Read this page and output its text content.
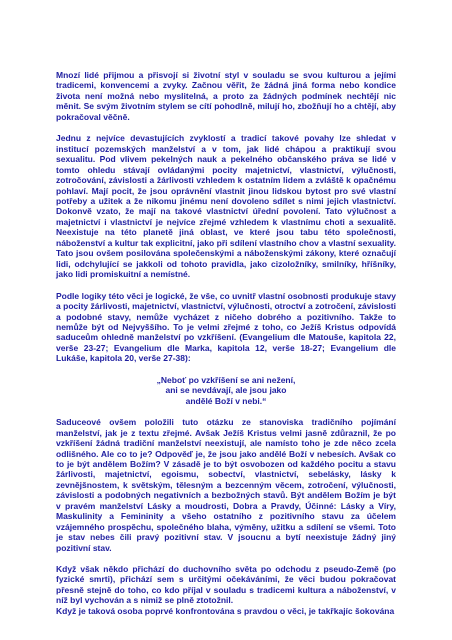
Mnozí lidé přijmou a přisvojí si životní styl v souladu se svou kulturou a jejími tradicemi, konvencemi a zvyky. Začnou věřit, že žádná jiná forma nebo kondice života není možná nebo myslitelná, a proto za žádných podmínek nechtějí nic měnit. Se svým životním stylem se cítí pohodlně, milují ho, zbožňují ho a chtějí, aby pokračoval věčně.

Jednu z nejvíce devastujících zvyklostí a tradicí takové povahy lze shledat v institucí pozemských manželství a v tom, jak lidé chápou a praktikují svou sexualitu. Pod vlivem pekelných nauk a pekelného občanského práva se lidé v tomto ohledu stávají ovládanými pocity majetnictví, vlastnictví, výlučnosti, zotročování, závislosti a žárlivosti vzhledem k ostatním lidem a zvláště k opačnému pohlaví. Mají pocit, že jsou oprávnění vlastnit jinou lidskou bytost pro své vlastní potřeby a užitek a že nikomu jinému není dovoleno sdílet s nimi jejich vlastnictví. Dokonvě vzato, že mají na takové vlastnictví úřední povolení. Tato výlučnost a majetnictví i vlastnictví je nejvíce zřejmé vzhledem k vlastnímu choti a sexualitě. Neexistuje na této planetě jiná oblast, ve které jsou tabu této společnosti, náboženství a kultur tak explicitní, jako při sdílení vlastního chov a vlastní sexuality. Tato jsou ovšem posilována společenskými a náboženskými zákony, které označují lidi, odchylující se jakkoli od tohoto pravidla, jako cizoložníky, smilníky, hříšníky, jako lidi promiskuitní a nemístné.

Podle logiky této věci je logické, že vše, co uvnitř vlastní osobnosti produkuje stavy a pocity žárlivosti, majetnictví, vlastnictví, výlučnosti, otroctví a zotročení, závislosti a podobné stavy, nemůže vycházet z ničeho dobrého a pozitivního. Takže to nemůže být od Nejvyššího. To je velmi zřejmé z toho, co Ježíš Kristus odpovídá saduceům ohledně manželství po vzkříšení. (Evangelium dle Matouše, kapitola 22, verše 23-27; Evangelium dle Marka, kapitola 12, verše 18-27; Evangelium dle Lukáše, kapitola 20, verše 27-38):

„Neboť po vzkříšení se ani nežení, ani se nevdávají, ale jsou jako andělé Boží v nebi.“

Saduceové ovšem položili tuto otázku ze stanoviska tradičního pojímání manželství, jak je z textu zřejmé. Avšak Ježíš Kristus velmi jasně zdůraznil, že po vzkříšení žádná tradiční manželství neexistují, ale namísto toho je zde něco zcela odlišného. Ale co to je? Odpověď je, že jsou jako andělé Boží v nebesích. Avšak co to je být andělem Božím? V zásadě je to být osvobozen od každého pocitu a stavu žárlivosti, majetnictví, egoismu, sobectví, vlastnictví, sebelásky, lásky k zevnějšnostem, k světským, tělesným a bezcenným věcem, zotročení, výlučnosti, závislosti a podobných negativních a bezbožných stavů. Být andělem Božím je být v pravém manželství Lásky a moudrosti, Dobra a Pravdy, Účinné: Lásky a Víry, Maskulinity a Femininity a všeho ostatního z pozitivního stavu za účelem vzájemného prospěchu, společného blaha, výměny, užitku a sdílení se všemi. Toto je stav nebes čili pravý pozitivní stav. V jsoucnu a bytí neexistuje žádný jiný pozitivní stav.

Když však někdo přichází do duchovního světa po odchodu z pseudo-Země (po fyzické smrti), přichází sem s určitými očekáváními, že věci budou pokračovat přesně stejně do toho, co kdo příjal v souladu s tradicemi kultura a náboženství, v níž byl vychován a s nimiž se plně ztotožnil.

Když je taková osoba poprvé konfrontována s pravdou o věci, je takřkajíc šokována
